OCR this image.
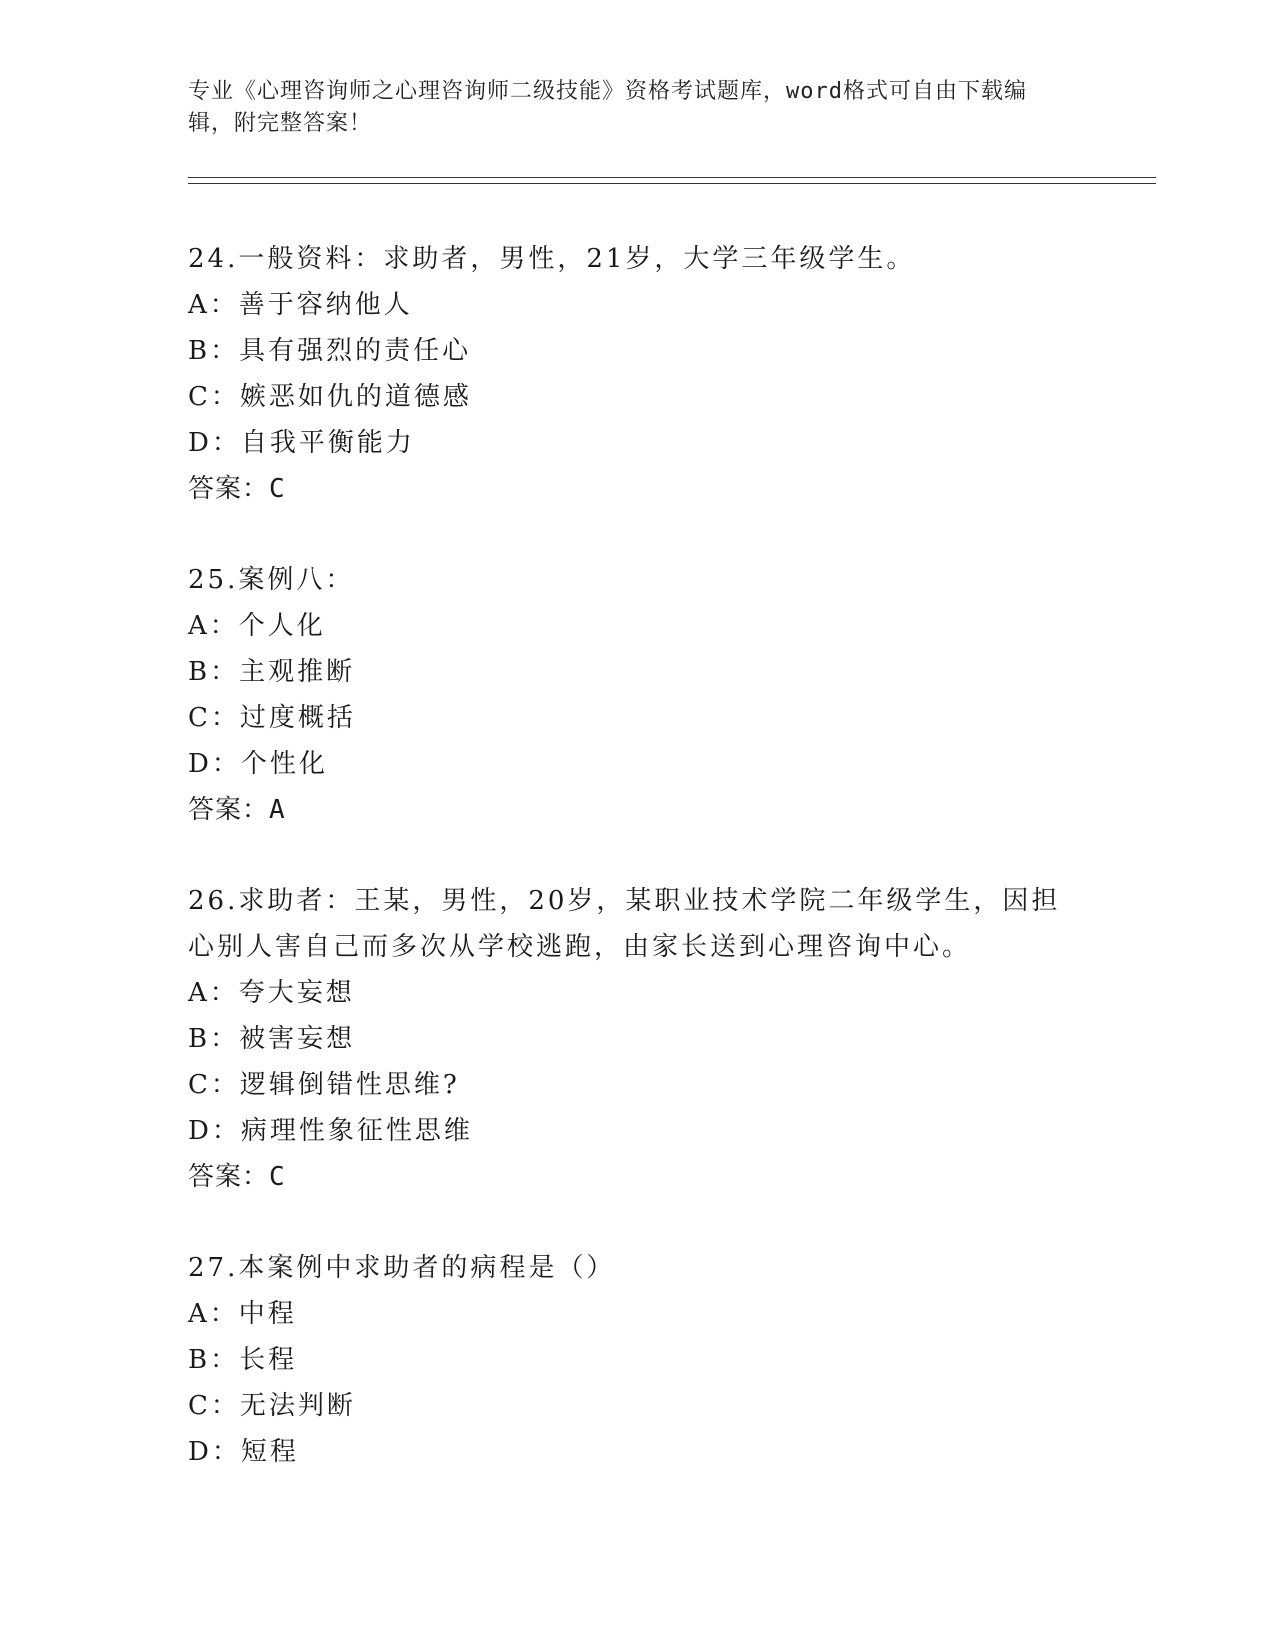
专业《心理咨询师之心理咨询师二级技能》资格考试题库，word格式可自由下载编辑，附完整答案！

24.一般资料：求助者，男性，21岁，大学三年级学生。

A：善于容纳他人

B：具有强烈的责任心

C：嫉恶如仇的道德感

D：自我平衡能力

答案：C

25.案例八：

A：个人化

B：主观推断

C：过度概括

D：个性化

答案：A

26.求助者：王某，男性，20岁，某职业技术学院二年级学生，因担心别人害自己而多次从学校逃跑，由家长送到心理咨询中心。

A：夸大妄想

B：被害妄想

C：逻辑倒错性思维?

D：病理性象征性思维

答案：C

27.本案例中求助者的病程是（）

A：中程

B：长程

C：无法判断

D：短程
